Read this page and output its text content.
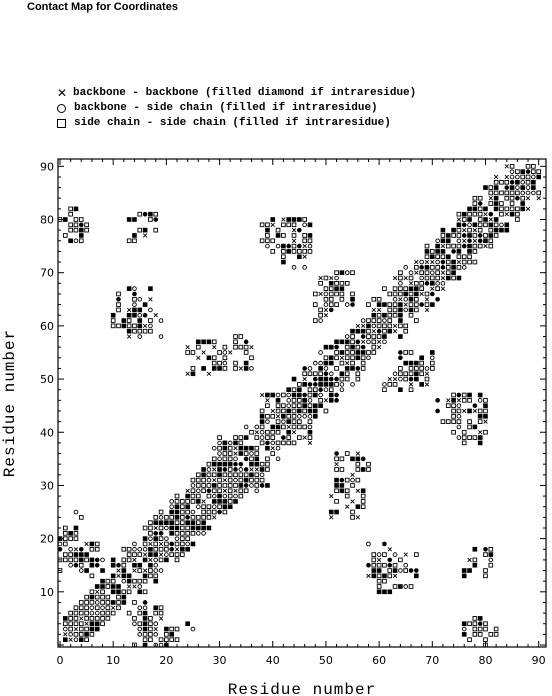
Contact Map for Coordinates
✕ backbone - backbone (filled diamond if intraresidue)
backbone - side chain (filled if intraresidue)
side chain - side chain (filled if intraresidue)
0	10	20	30	40	50	60	70	80	90
10
20
30
40
50
60
70
80
90
Residue number
Residue number
